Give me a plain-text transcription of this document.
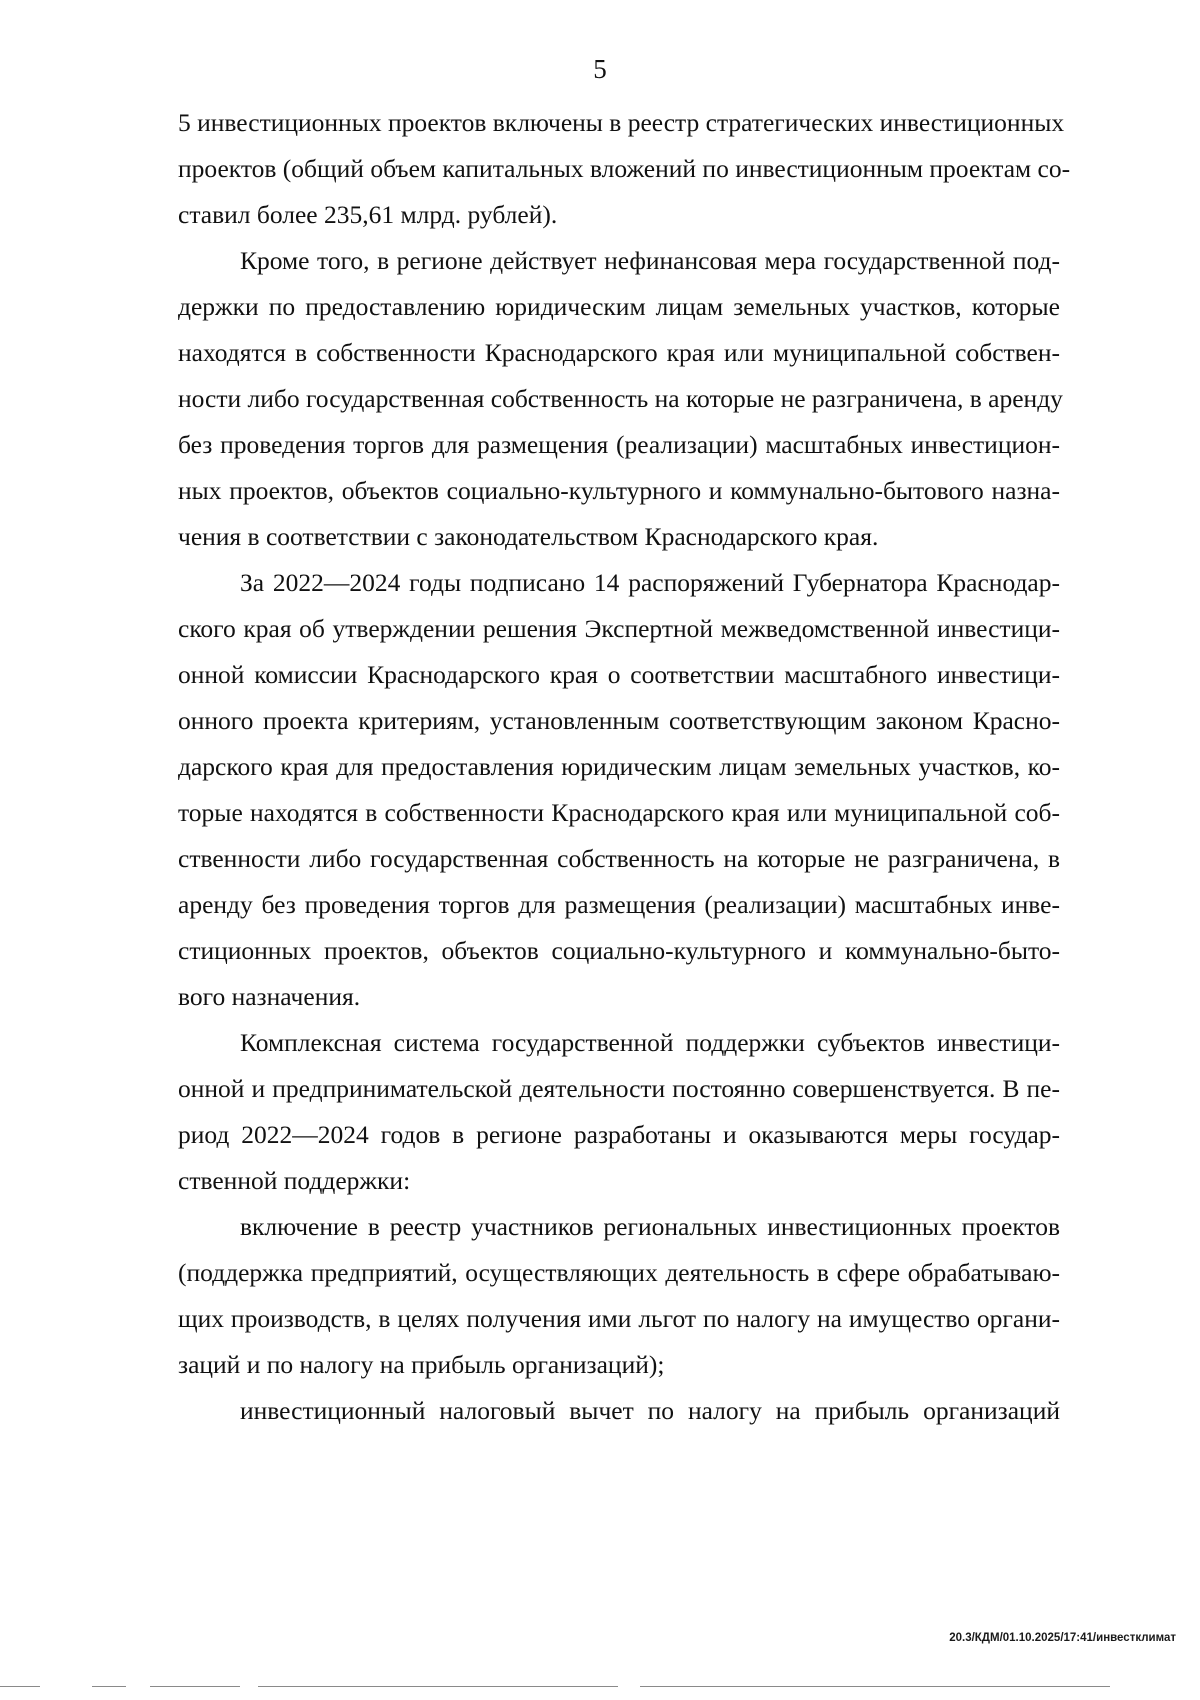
5
5 инвестиционных проектов включены в реестр стратегических инвестиционных
проектов (общий объем капитальных вложений по инвестиционным проектам со-
ставил более 235,61 млрд. рублей).
Кроме того, в регионе действует нефинансовая мера государственной под-
держки по предоставлению юридическим лицам земельных участков, которые
находятся в собственности Краснодарского края или муниципальной собствен-
ности либо государственная собственность на которые не разграничена, в аренду
без проведения торгов для размещения (реализации) масштабных инвестицион-
ных проектов, объектов социально-культурного и коммунально-бытового назна-
чения в соответствии с законодательством Краснодарского края.
За 2022—2024 годы подписано 14 распоряжений Губернатора Краснодар-
ского края об утверждении решения Экспертной межведомственной инвестици-
онной комиссии Краснодарского края о соответствии масштабного инвестици-
онного проекта критериям, установленным соответствующим законом Красно-
дарского края для предоставления юридическим лицам земельных участков, ко-
торые находятся в собственности Краснодарского края или муниципальной соб-
ственности либо государственная собственность на которые не разграничена, в
аренду без проведения торгов для размещения (реализации) масштабных инве-
стиционных проектов, объектов социально-культурного и коммунально-быто-
вого назначения.
Комплексная система государственной поддержки субъектов инвестици-
онной и предпринимательской деятельности постоянно совершенствуется. В пе-
риод 2022—2024 годов в регионе разработаны и оказываются меры государ-
ственной поддержки:
включение в реестр участников региональных инвестиционных проектов
(поддержка предприятий, осуществляющих деятельность в сфере обрабатываю-
щих производств, в целях получения ими льгот по налогу на имущество органи-
заций и по налогу на прибыль организаций);
инвестиционный налоговый вычет по налогу на прибыль организаций
20.3/КДМ/01.10.2025/17:41/инвестклимат
